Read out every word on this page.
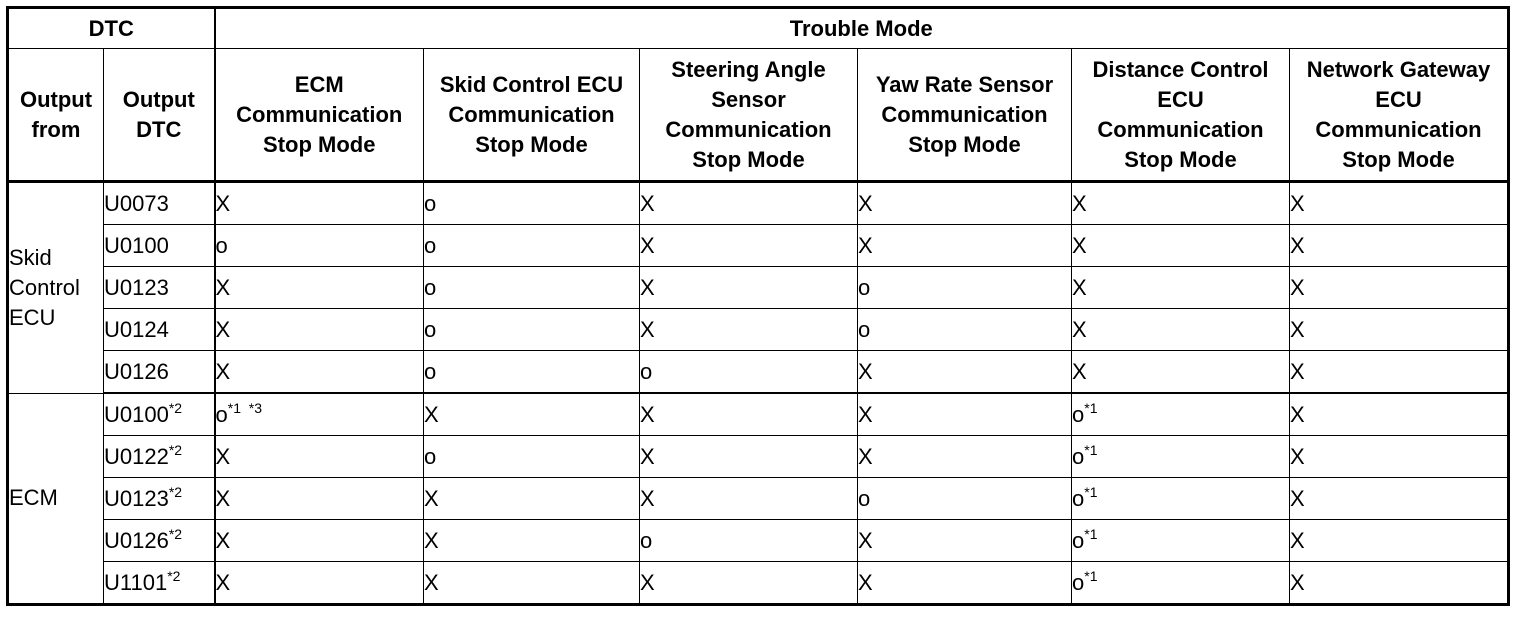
DTC		Trouble Mode					
Output from	Output DTC	ECM Communication Stop Mode	Skid Control ECU Communication Stop Mode	Steering Angle Sensor Communication Stop Mode	Yaw Rate Sensor Communication Stop Mode	Distance Control ECU Communication Stop Mode	Network Gateway ECU Communication Stop Mode
Skid Control ECU	U0073	X	o	X	X	X	X
	U0100	o	o	X	X	X	X
	U0123	X	o	X	o	X	X
	U0124	X	o	X	o	X	X
	U0126	X	o	o	X	X	X
ECM	U0100$^{*2}$	$o^{*1 *3}$	X	X	X	$o^{*1}$	X
	U0122$^{*2}$	X	o	X	X	$o^{*1}$	X
	U0123$^{*2}$	X	X	X	o	$o^{*1}$	X
	U0126$^{*2}$	X	X	o	X	$o^{*1}$	X
	U1101$^{*2}$	X	X	X	X	$o^{*1}$	X
